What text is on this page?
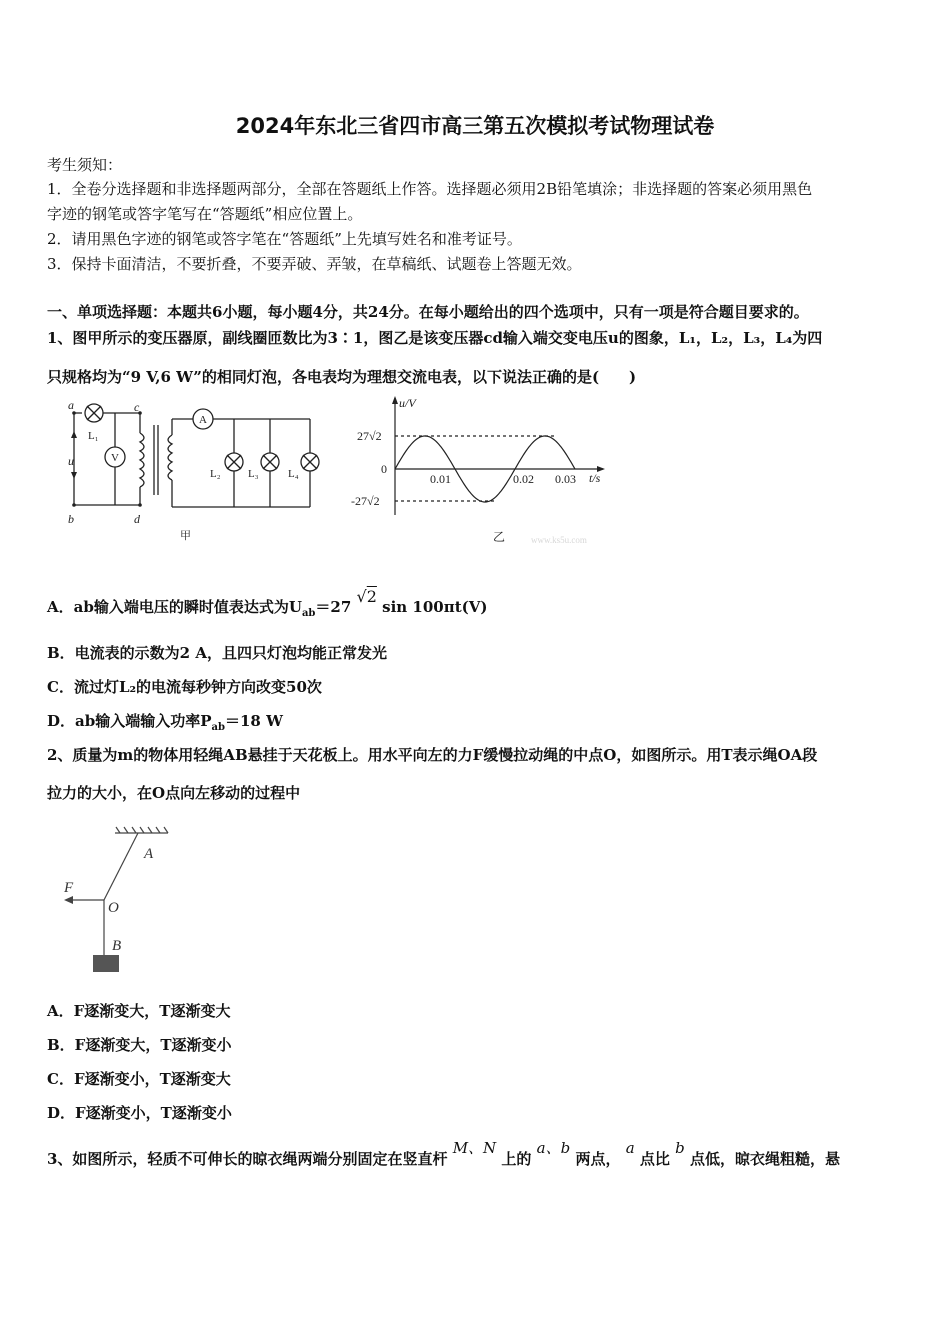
2024年东北三省四市高三第五次模拟考试物理试卷
考生须知：
1．全卷分选择题和非选择题两部分，全部在答题纸上作答。选择题必须用2B铅笔填涂；非选择题的答案必须用黑色
字迹的钢笔或答字笔写在“答题纸”相应位置上。
2．请用黑色字迹的钢笔或答字笔在“答题纸”上先填写姓名和准考证号。
3．保持卡面清洁，不要折叠，不要弄破、弄皱，在草稿纸、试题卷上答题无效。
一、单项选择题：本题共6小题，每小题4分，共24分。在每小题给出的四个选项中，只有一项是符合题目要求的。
1、图甲所示的变压器原，副线圈匝数比为3∶1，图乙是该变压器cd输入端交变电压u的图象，L₁，L₂，L₃，L₄为四
只规格均为“9 V,6 W”的相同灯泡，各电表均为理想交流电表，以下说法正确的是(　　)
a	c
u
b	d
L₁
V
A
L₂ L₃	L₄
甲
u/V
27√2
0
-27√2
0.01	0.02 0.03 t/s
乙	www.ks5u.com
A．ab输入端电压的瞬时值表达式为$U_{ab}=27$ √2 sin 100πt(V)
B．电流表的示数为2 A，且四只灯泡均能正常发光
C．流过灯L₂的电流每秒钟方向改变50次
D．ab输入端输入功率$P_{ab}=18$ W
2、质量为m的物体用轻绳AB悬挂于天花板上。用水平向左的力F缓慢拉动绳的中点O，如图所示。用T表示绳OA段
拉力的大小，在O点向左移动的过程中
A
F
O
B
A．F逐渐变大，T逐渐变大
B．F逐渐变大，T逐渐变小
C．F逐渐变小，T逐渐变大
D．F逐渐变小，T逐渐变小
3、如图所示，轻质不可伸长的晾衣绳两端分别固定在竖直杆 M、N 上的 a、b 两点， a 点比 b 点低，晾衣绳粗糙，悬
